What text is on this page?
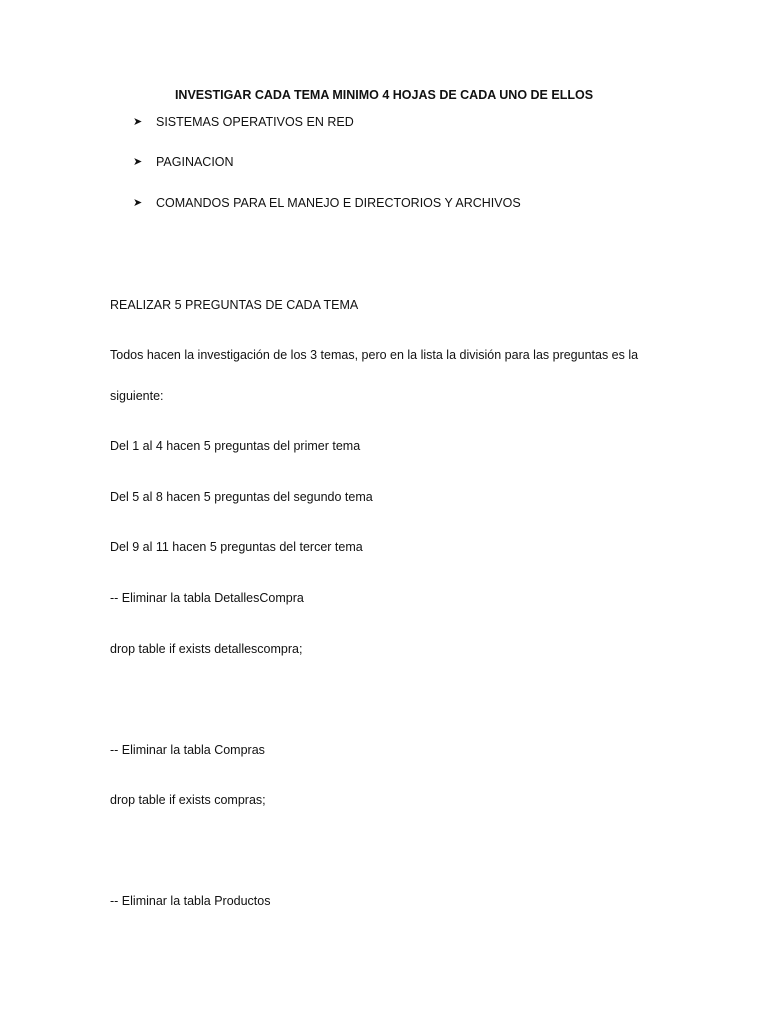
INVESTIGAR CADA TEMA MINIMO 4 HOJAS DE CADA UNO DE ELLOS
➤	SISTEMAS OPERATIVOS EN RED
➤	PAGINACION
➤	COMANDOS PARA EL MANEJO E DIRECTORIOS Y ARCHIVOS
REALIZAR 5 PREGUNTAS DE CADA TEMA
Todos hacen la investigación de los 3 temas, pero en la lista la división para las preguntas es la
siguiente:
Del 1 al 4 hacen 5 preguntas del primer tema
Del 5 al 8 hacen 5 preguntas del segundo tema
Del 9 al 11 hacen 5 preguntas del tercer tema
-- Eliminar la tabla DetallesCompra
drop table if exists detallescompra;
-- Eliminar la tabla Compras
drop table if exists compras;
-- Eliminar la tabla Productos
